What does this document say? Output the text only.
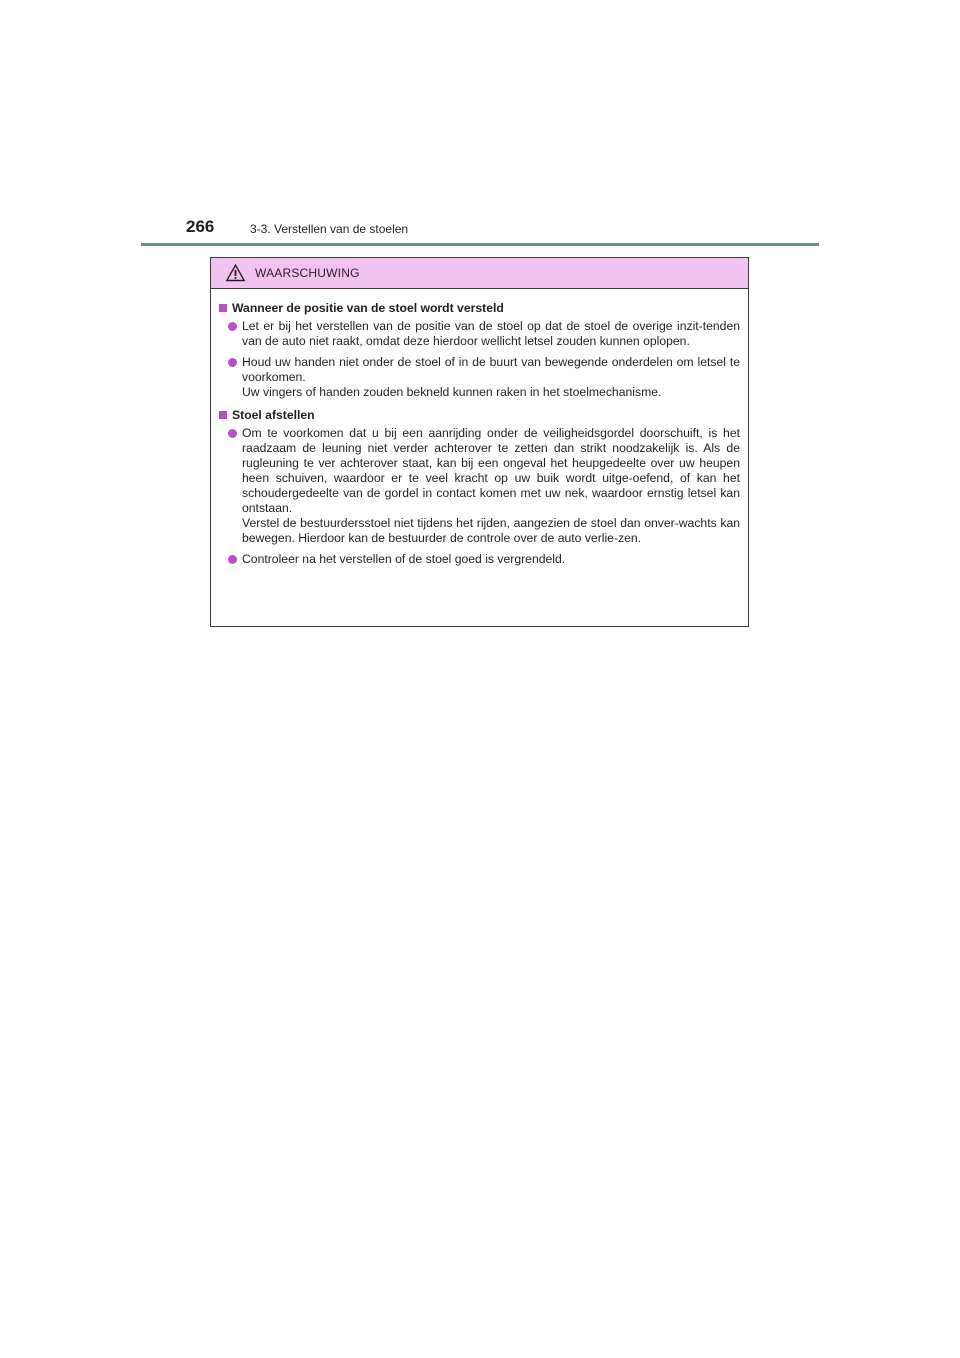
266	3-3. Verstellen van de stoelen
WAARSCHUWING
Wanneer de positie van de stoel wordt versteld

Let er bij het verstellen van de positie van de stoel op dat de stoel de overige inzit-tenden van de auto niet raakt, omdat deze hierdoor wellicht letsel zouden kunnen oplopen.

Houd uw handen niet onder de stoel of in de buurt van bewegende onderdelen om letsel te voorkomen.

Uw vingers of handen zouden bekneld kunnen raken in het stoelmechanisme.

Stoel afstellen

Om te voorkomen dat u bij een aanrijding onder de veiligheidsgordel doorschuift, is het raadzaam de leuning niet verder achterover te zetten dan strikt noodzakelijk is. Als de rugleuning te ver achterover staat, kan bij een ongeval het heupgedeelte over uw heupen heen schuiven, waardoor er te veel kracht op uw buik wordt uitge-oefend, of kan het schoudergedeelte van de gordel in contact komen met uw nek, waardoor ernstig letsel kan ontstaan.

Verstel de bestuurdersstoel niet tijdens het rijden, aangezien de stoel dan onver-wachts kan bewegen. Hierdoor kan de bestuurder de controle over de auto verlie-zen.

Controleer na het verstellen of de stoel goed is vergrendeld.
